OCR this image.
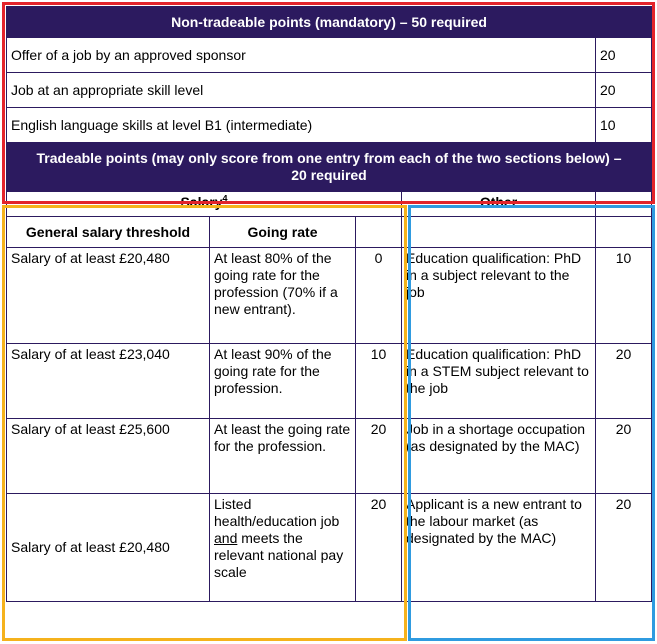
Non-tradeable points (mandatory) – 50 required				
Offer of a job by an approved sponsor				20
Job at an appropriate skill level				20
English language skills at level B1 (intermediate)				10
Tradeable points (may only score from one entry from each of the two sections below) – 20 required				
Salary$^4$			Other	
General salary threshold	Going rate			
Salary of at least £20,480	At least 80% of the going rate for the profession (70% if a new entrant).	0	Education qualification: PhD in a subject relevant to the job	10
Salary of at least £23,040	At least 90% of the going rate for the profession.	10	Education qualification: PhD in a STEM subject relevant to the job	20
Salary of at least £25,600	At least the going rate for the profession.	20	Job in a shortage occupation (as designated by the MAC)	20
Salary of at least £20,480	Listed health/education job and meets the relevant national pay scale	20	Applicant is a new entrant to the labour market (as designated by the MAC)	20
